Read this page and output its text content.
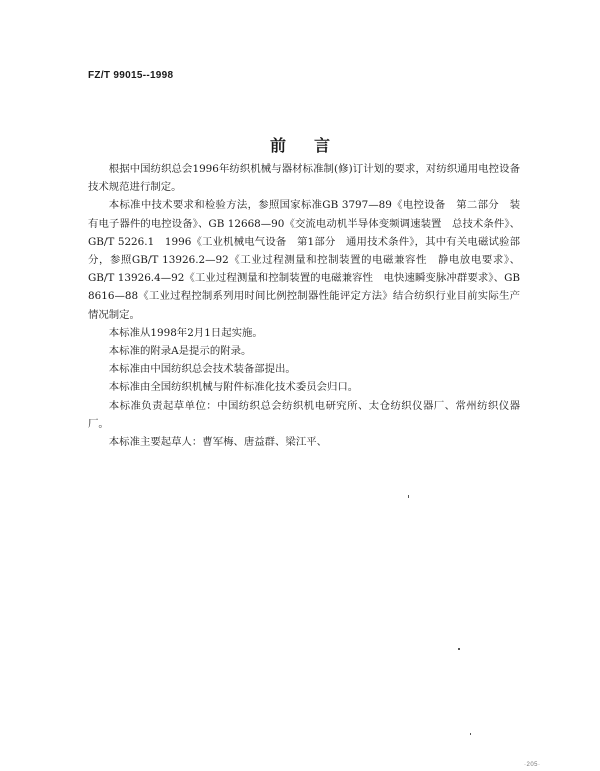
FZ/T 99015--1998
前言

根据中国纺织总会1996年纺织机械与器材标准制(修)订计划的要求，对纺织通用电控设备技术规范进行制定。

本标准中技术要求和检验方法，参照国家标准GB 3797—89《电控设备　第二部分　装有电子器件的电控设备》、GB 12668—90《交流电动机半导体变频调速装置　总技术条件》、GB/T 5226.1　1996《工业机械电气设备　第1部分　通用技术条件》，其中有关电磁试验部分，参照GB/T 13926.2—92《工业过程测量和控制装置的电磁兼容性　静电放电要求》、GB/T 13926.4—92《工业过程测量和控制装置的电磁兼容性　电快速瞬变脉冲群要求》、GB 8616—88《工业过程控制系列用时间比例控制器性能评定方法》结合纺织行业目前实际生产情况制定。

本标准从1998年2月1日起实施。

本标准的附录A是提示的附录。

本标准由中国纺织总会技术装备部提出。

本标准由全国纺织机械与附件标准化技术委员会归口。

本标准负责起草单位：中国纺织总会纺织机电研究所、太仓纺织仪器厂、常州纺织仪器厂。

本标准主要起草人：曹军梅、唐益群、梁江平、

·205·
